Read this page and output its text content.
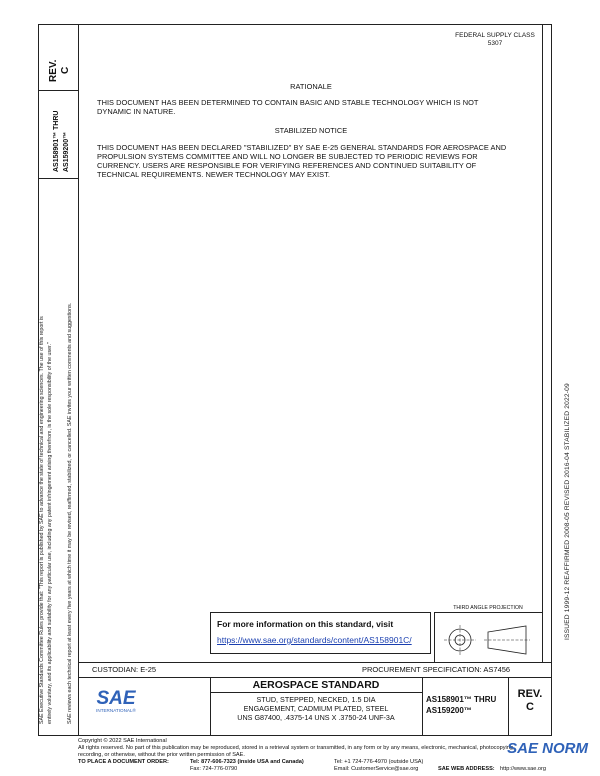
FEDERAL SUPPLY CLASS
5307
REV. C
AS158901™ THRU AS159200™
SAE Executive Standards Committee Rules provide that: "This report is published by SAE to advance the state of technical and engineering sciences. The use of this report is entirely voluntary, and its applicability and suitability for any particular use, including any patent infringement arising therefrom, is the sole responsibility of the user."	SAE reviews each technical report at least every five years at which time it may be revised, reaffirmed, stabilized, or cancelled. SAE invites your written comments and suggestions.	ISSUED 1999-12 REAFFIRMED 2008-05 REVISED 2016-04 STABILIZED 2022-09
RATIONALE
THIS DOCUMENT HAS BEEN DETERMINED TO CONTAIN BASIC AND STABLE TECHNOLOGY WHICH IS NOT
DYNAMIC IN NATURE.
STABILIZED NOTICE
THIS DOCUMENT HAS BEEN DECLARED "STABILIZED" BY SAE E-25 GENERAL STANDARDS FOR AEROSPACE AND
PROPULSION SYSTEMS COMMITTEE AND WILL NO LONGER BE SUBJECTED TO PERIODIC REVIEWS FOR
CURRENCY. USERS ARE RESPONSIBLE FOR VERIFYING REFERENCES AND CONTINUED SUITABILITY OF
TECHNICAL REQUIREMENTS. NEWER TECHNOLOGY MAY EXIST.
For more information on this standard, visit
https://www.sae.org/standards/content/AS158901C/
THIRD ANGLE PROJECTION
CUSTODIAN: E-25	PROCUREMENT SPECIFICATION: AS7456
SAE
INTERNATIONAL®
AEROSPACE STANDARD
STUD, STEPPED, NECKED, 1.5 DIA
ENGAGEMENT, CADMIUM PLATED, STEEL
UNS G87400, .4375-14 UNS X .3750-24 UNF-3A
AS158901™ THRU
AS159200™
REV.
C
Copyright © 2022 SAE International
All rights reserved. No part of this publication may be reproduced, stored in a retrieval system or transmitted, in any form or by any means, electronic, mechanical, photocopying,
recording, or otherwise, without the prior written permission of SAE.
TO PLACE A DOCUMENT ORDER:	Tel: 877-606-7323 (inside USA and Canada)
Fax: 724-776-0790
Tel: +1 724-776-4970 (outside USA)
Email: CustomerService@sae.org	SAE WEB ADDRESS: http://www.sae.org
SAE NORM
